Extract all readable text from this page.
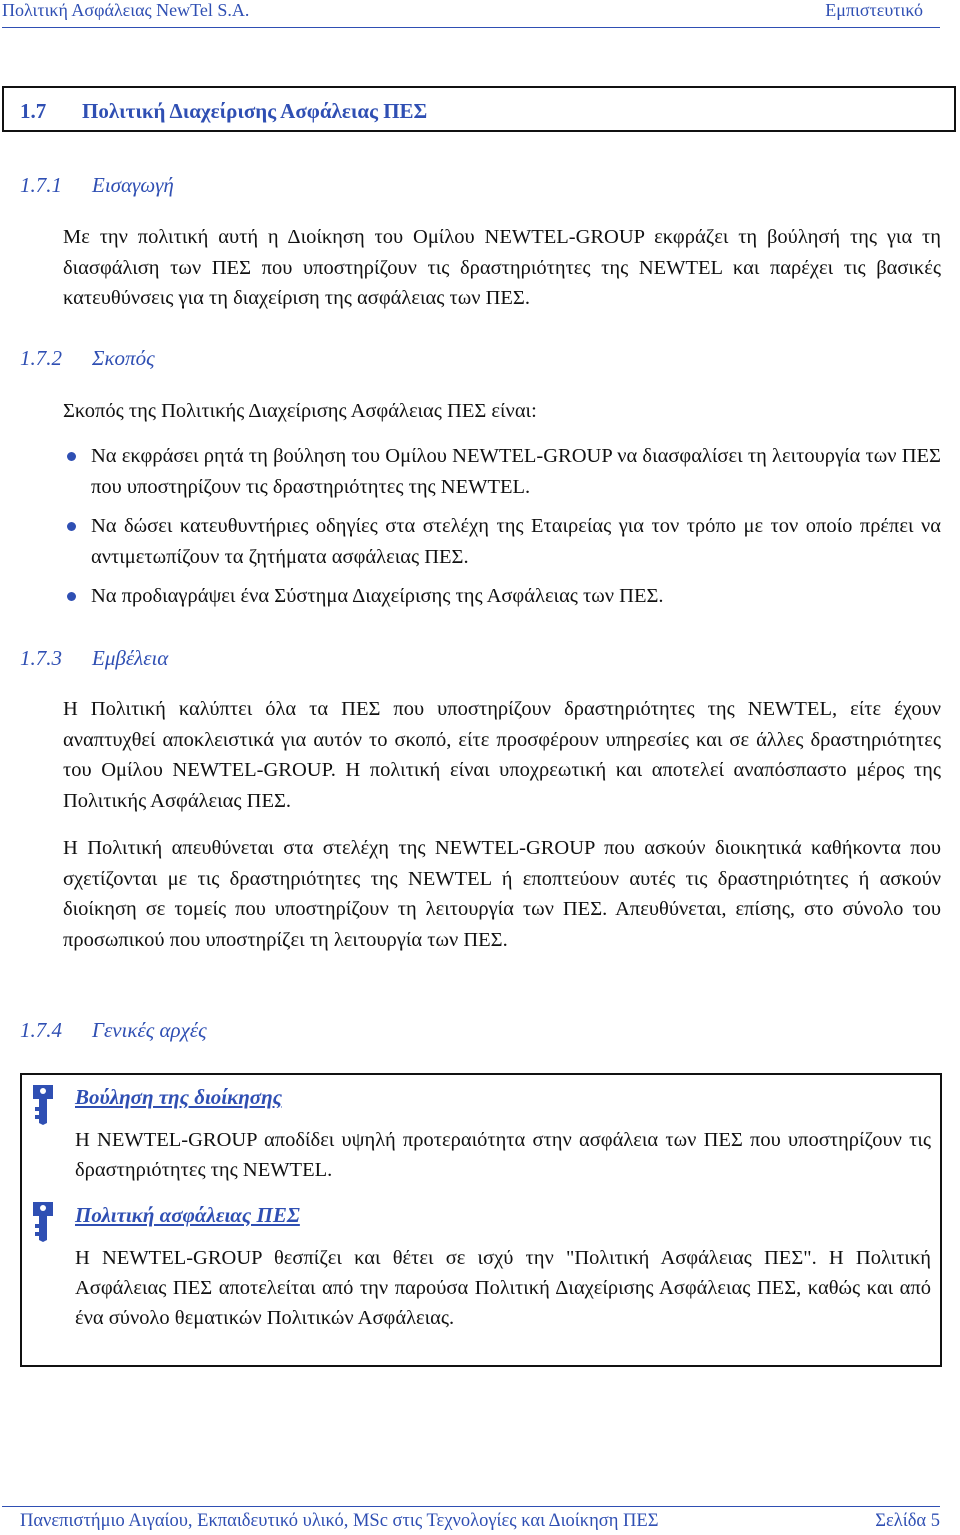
Πολιτική Ασφάλειας NewTel S.A.	Εμπιστευτικό
1.7 Πολιτική Διαχείρισης Ασφάλειας ΠΕΣ
1.7.1 Εισαγωγή
Με την πολιτική αυτή η Διοίκηση του Ομίλου NEWTEL-GROUP εκφράζει τη βούλησή της για τη διασφάλιση των ΠΕΣ που υποστηρίζουν τις δραστηριότητες της NEWTEL και παρέχει τις βασικές κατευθύνσεις για τη διαχείριση της ασφάλειας των ΠΕΣ.
1.7.2 Σκοπός
Σκοπός της Πολιτικής Διαχείρισης Ασφάλειας ΠΕΣ είναι:
Να εκφράσει ρητά τη βούληση του Ομίλου NEWTEL-GROUP να διασφαλίσει τη λειτουργία των ΠΕΣ που υποστηρίζουν τις δραστηριότητες της NEWTEL.
Να δώσει κατευθυντήριες οδηγίες στα στελέχη της Εταιρείας για τον τρόπο με τον οποίο πρέπει να αντιμετωπίζουν τα ζητήματα ασφάλειας ΠΕΣ.
Να προδιαγράψει ένα Σύστημα Διαχείρισης της Ασφάλειας των ΠΕΣ.
1.7.3 Εμβέλεια
Η Πολιτική καλύπτει όλα τα ΠΕΣ που υποστηρίζουν δραστηριότητες της NEWTEL, είτε έχουν αναπτυχθεί αποκλειστικά για αυτόν το σκοπό, είτε προσφέρουν υπηρεσίες και σε άλλες δραστηριότητες του Ομίλου NEWTEL-GROUP. Η πολιτική είναι υποχρεωτική και αποτελεί αναπόσπαστο μέρος της Πολιτικής Ασφάλειας ΠΕΣ.
Η Πολιτική απευθύνεται στα στελέχη της NEWTEL-GROUP που ασκούν διοικητικά καθήκοντα που σχετίζονται με τις δραστηριότητες της NEWTEL ή εποπτεύουν αυτές τις δραστηριότητες ή ασκούν διοίκηση σε τομείς που υποστηρίζουν τη λειτουργία των ΠΕΣ. Απευθύνεται, επίσης, στο σύνολο του προσωπικού που υποστηρίζει τη λειτουργία των ΠΕΣ.
1.7.4 Γενικές αρχές
Βούληση της διοίκησης
Η NEWTEL-GROUP αποδίδει υψηλή προτεραιότητα στην ασφάλεια των ΠΕΣ που υποστηρίζουν τις δραστηριότητες της NEWTEL.
Πολιτική ασφάλειας ΠΕΣ
Η NEWTEL-GROUP θεσπίζει και θέτει σε ισχύ την "Πολιτική Ασφάλειας ΠΕΣ". Η Πολιτική Ασφάλειας ΠΕΣ αποτελείται από την παρούσα Πολιτική Διαχείρισης Ασφάλειας ΠΕΣ, καθώς και από ένα σύνολο θεματικών Πολιτικών Ασφάλειας.
Πανεπιστήμιο Αιγαίου, Εκπαιδευτικό υλικό, MSc στις Τεχνολογίες και Διοίκηση ΠΕΣ	Σελίδα 5
